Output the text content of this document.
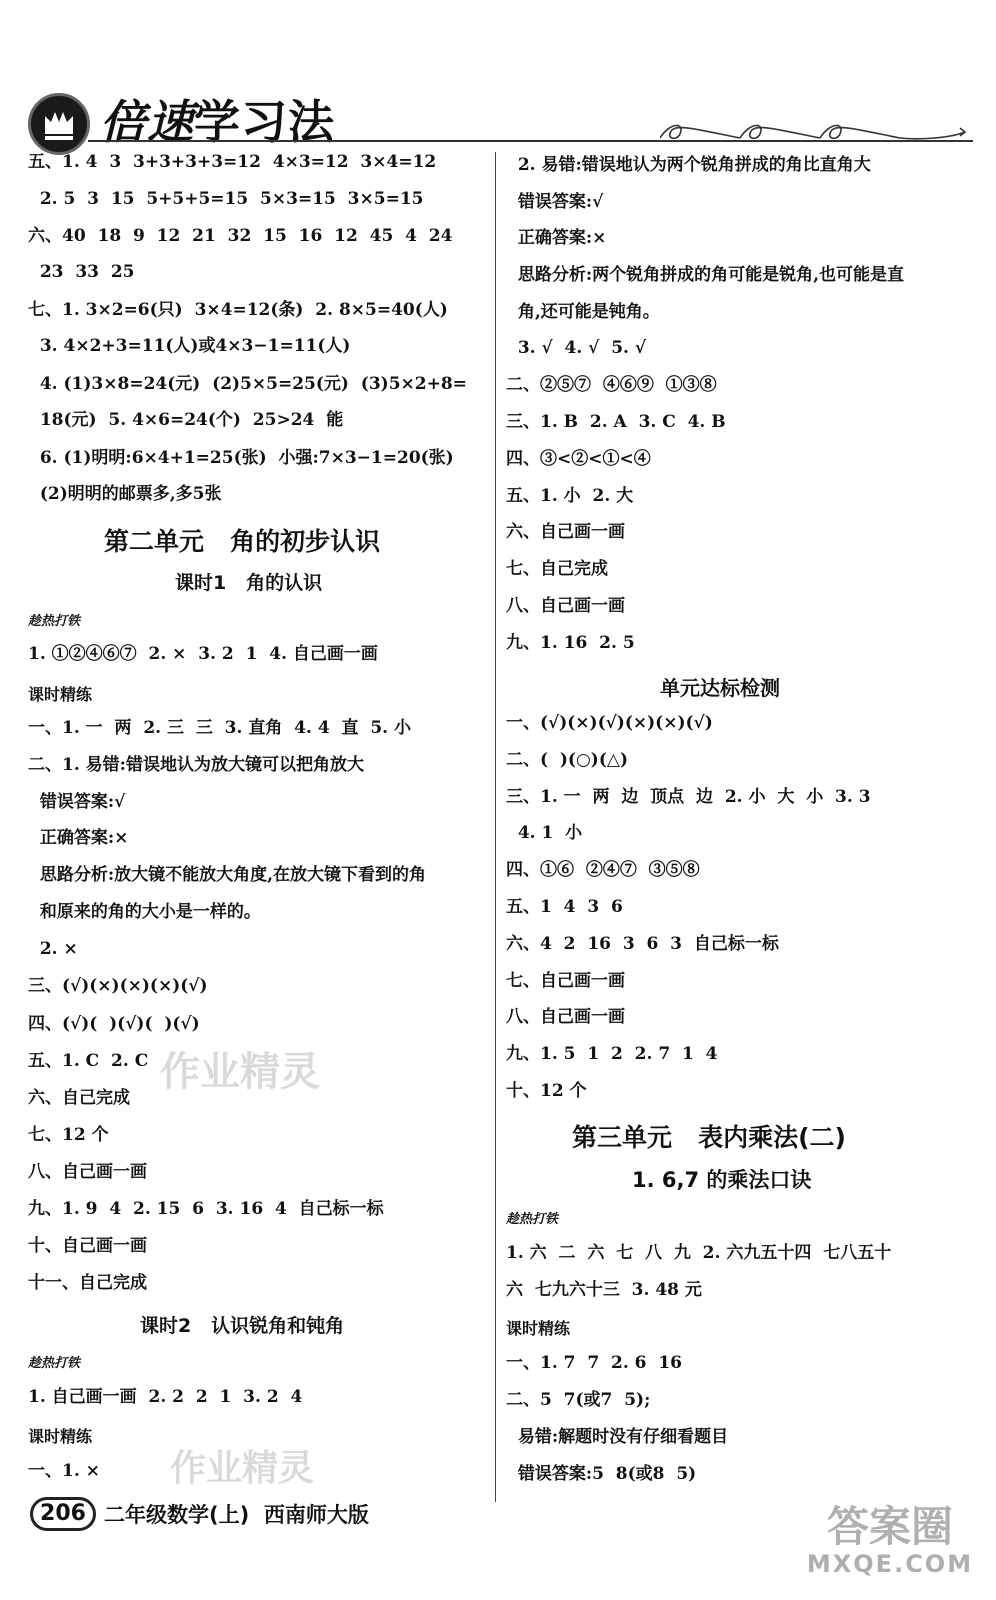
倍速学习法
五、1. 4  3  3+3+3+3=12  4×3=12  3×4=12
2. 5  3  15  5+5+5=15  5×3=15  3×5=15
六、40  18  9  12  21  32  15  16  12  45  4  24
23  33  25
七、1. 3×2=6(只)  3×4=12(条)  2. 8×5=40(人)
3. 4×2+3=11(人)或4×3−1=11(人)
4. (1)3×8=24(元)  (2)5×5=25(元)  (3)5×2+8=
18(元)  5. 4×6=24(个)  25>24  能
6. (1)明明:6×4+1=25(张)  小强:7×3−1=20(张)
(2)明明的邮票多,多5张
第二单元   角的初步认识
课时1   角的认识
趁热打铁
1. ①②④⑥⑦  2. ×  3. 2  1  4. 自己画一画
课时精练
一、1. 一  两  2. 三  三  3. 直角  4. 4  直  5. 小
二、1. 易错:错误地认为放大镜可以把角放大
错误答案:√
正确答案:×
思路分析:放大镜不能放大角度,在放大镜下看到的角
和原来的角的大小是一样的。
2. ×
三、(√)(×)(×)(×)(√)
四、(√)(  )(√)(  )(√)
五、1. C  2. C
六、自己完成
七、12 个
八、自己画一画
九、1. 9  4  2. 15  6  3. 16  4  自己标一标
十、自己画一画
十一、自己完成
课时2   认识锐角和钝角
趁热打铁
1. 自己画一画  2. 2  2  1  3. 2  4
课时精练
一、1. ×
2. 易错:错误地认为两个锐角拼成的角比直角大
错误答案:√
正确答案:×
思路分析:两个锐角拼成的角可能是锐角,也可能是直
角,还可能是钝角。
3. √  4. √  5. √
二、②⑤⑦  ④⑥⑨  ①③⑧
三、1. B  2. A  3. C  4. B
四、③<②<①<④
五、1. 小  2. 大
六、自己画一画
七、自己完成
八、自己画一画
九、1. 16  2. 5
单元达标检测
一、(√)(×)(√)(×)(×)(√)
二、(  )(○)(△)
三、1. 一  两  边  顶点  边  2. 小  大  小  3. 3
4. 1  小
四、①⑥  ②④⑦  ③⑤⑧
五、1  4  3  6
六、4  2  16  3  6  3  自己标一标
七、自己画一画
八、自己画一画
九、1. 5  1  2  2. 7  1  4
十、12 个
第三单元   表内乘法(二)
1. 6,7 的乘法口诀
趁热打铁
1. 六  二  六  七  八  九  2. 六九五十四  七八五十
六  七九六十三  3. 48 元
课时精练
一、1. 7  7  2. 6  16
二、5  7(或7  5);
易错:解题时没有仔细看题目
错误答案:5  8(或8  5)
作业精灵
作业精灵
答案圈
MXQE.COM
206 二年级数学(上)  西南师大版
